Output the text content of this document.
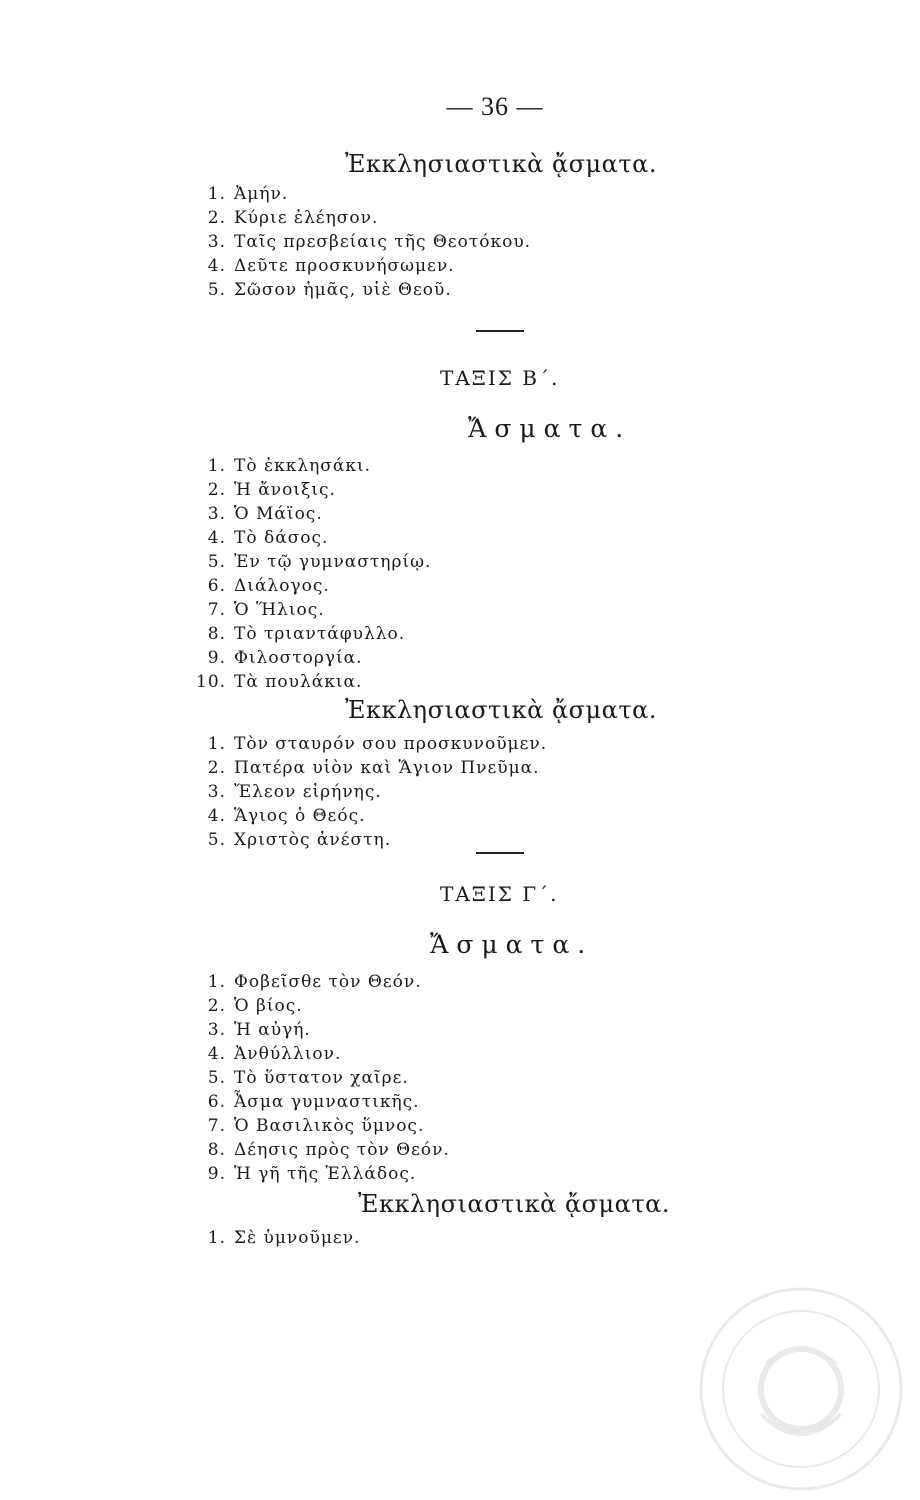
— 36 —
Ἐκκλησιαστικὰ ᾄσματα.
1. Ἀμήν.
2. Κύριε ἐλέησον.
3. Ταῖς πρεσβείαις τῆς Θεοτόκου.
4. Δεῦτε προσκυνήσωμεν.
5. Σῶσον ἡμᾶς, υἱὲ Θεοῦ.
ΤΑΞΙΣ Β΄.
Ἄσματα.
1. Τὸ ἐκκλησάκι.
2. Ἡ ἄνοιξις.
3. Ὁ Μάϊος.
4. Τὸ δάσος.
5. Ἐν τῷ γυμναστηρίῳ.
6. Διάλογος.
7. Ὁ Ἥλιος.
8. Τὸ τριαντάφυλλο.
9. Φιλοστοργία.
10. Τὰ πουλάκια.
Ἐκκλησιαστικὰ ᾄσματα.
1. Τὸν σταυρόν σου προσκυνοῦμεν.
2. Πατέρα υἱὸν καὶ Ἅγιον Πνεῦμα.
3. Ἔλεον εἰρήνης.
4. Ἅγιος ὁ Θεός.
5. Χριστὸς ἀνέστη.
ΤΑΞΙΣ Γ΄.
Ἄσματα.
1. Φοβεῖσθε τὸν Θεόν.
2. Ὁ βίος.
3. Ἡ αὐγή.
4. Ἀνθύλλιον.
5. Τὸ ὕστατον χαῖρε.
6. Ἆσμα γυμναστικῆς.
7. Ὁ Βασιλικὸς ὕμνος.
8. Δέησις πρὸς τὸν Θεόν.
9. Ἡ γῆ τῆς Ἑλλάδος.
Ἐκκλησιαστικὰ ᾄσματα.
1. Σὲ ὑμνοῦμεν.
